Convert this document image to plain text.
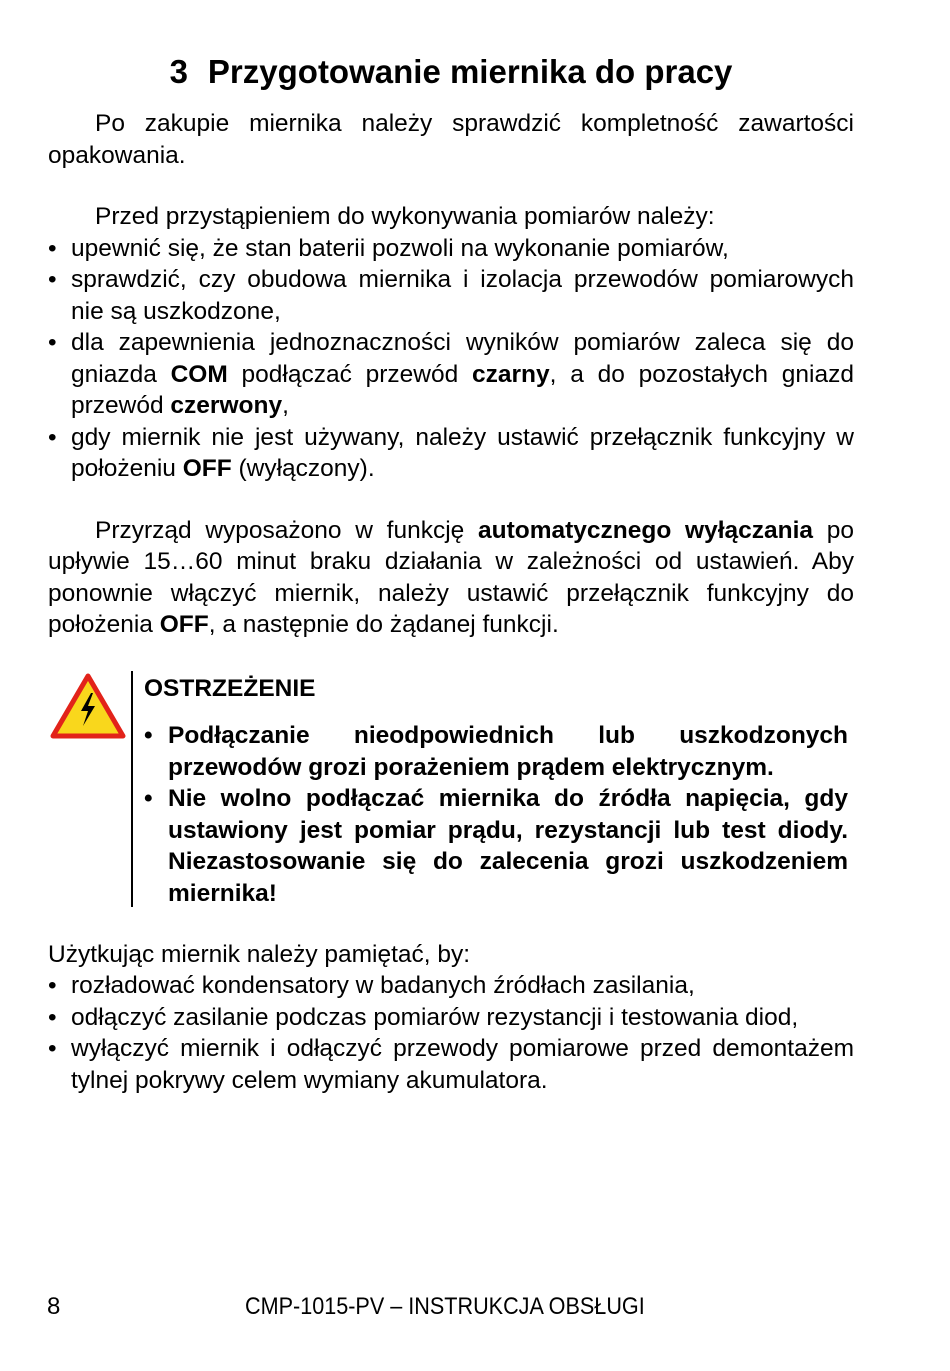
3 Przygotowanie miernika do pracy

Po zakupie miernika należy sprawdzić kompletność zawartości opakowania.

Przed przystąpieniem do wykonywania pomiarów należy:

• upewnić się, że stan baterii pozwoli na wykonanie pomiarów,
• sprawdzić, czy obudowa miernika i izolacja przewodów pomiarowych nie są uszkodzone,
• dla zapewnienia jednoznaczności wyników pomiarów zaleca się do gniazda COM podłączać przewód czarny, a do pozostałych gniazd przewód czerwony,
• gdy miernik nie jest używany, należy ustawić przełącznik funkcyjny w położeniu OFF (wyłączony).

Przyrząd wyposażono w funkcję automatycznego wyłączania po upływie 15…60 minut braku działania w zależności od ustawień. Aby ponownie włączyć miernik, należy ustawić przełącznik funkcyjny do położenia OFF, a następnie do żądanej funkcji.

OSTRZEŻENIE
• Podłączanie nieodpowiednich lub uszkodzonych przewodów grozi porażeniem prądem elektrycznym.
• Nie wolno podłączać miernika do źródła napięcia, gdy ustawiony jest pomiar prądu, rezystancji lub test diody. Niezastosowanie się do zalecenia grozi uszkodzeniem miernika!

Użytkując miernik należy pamiętać, by:

• rozładować kondensatory w badanych źródłach zasilania,
• odłączyć zasilanie podczas pomiarów rezystancji i testowania diod,
• wyłączyć miernik i odłączyć przewody pomiarowe przed demontażem tylnej pokrywy celem wymiany akumulatora.
8	CMP-1015-PV – INSTRUKCJA OBSŁUGI
